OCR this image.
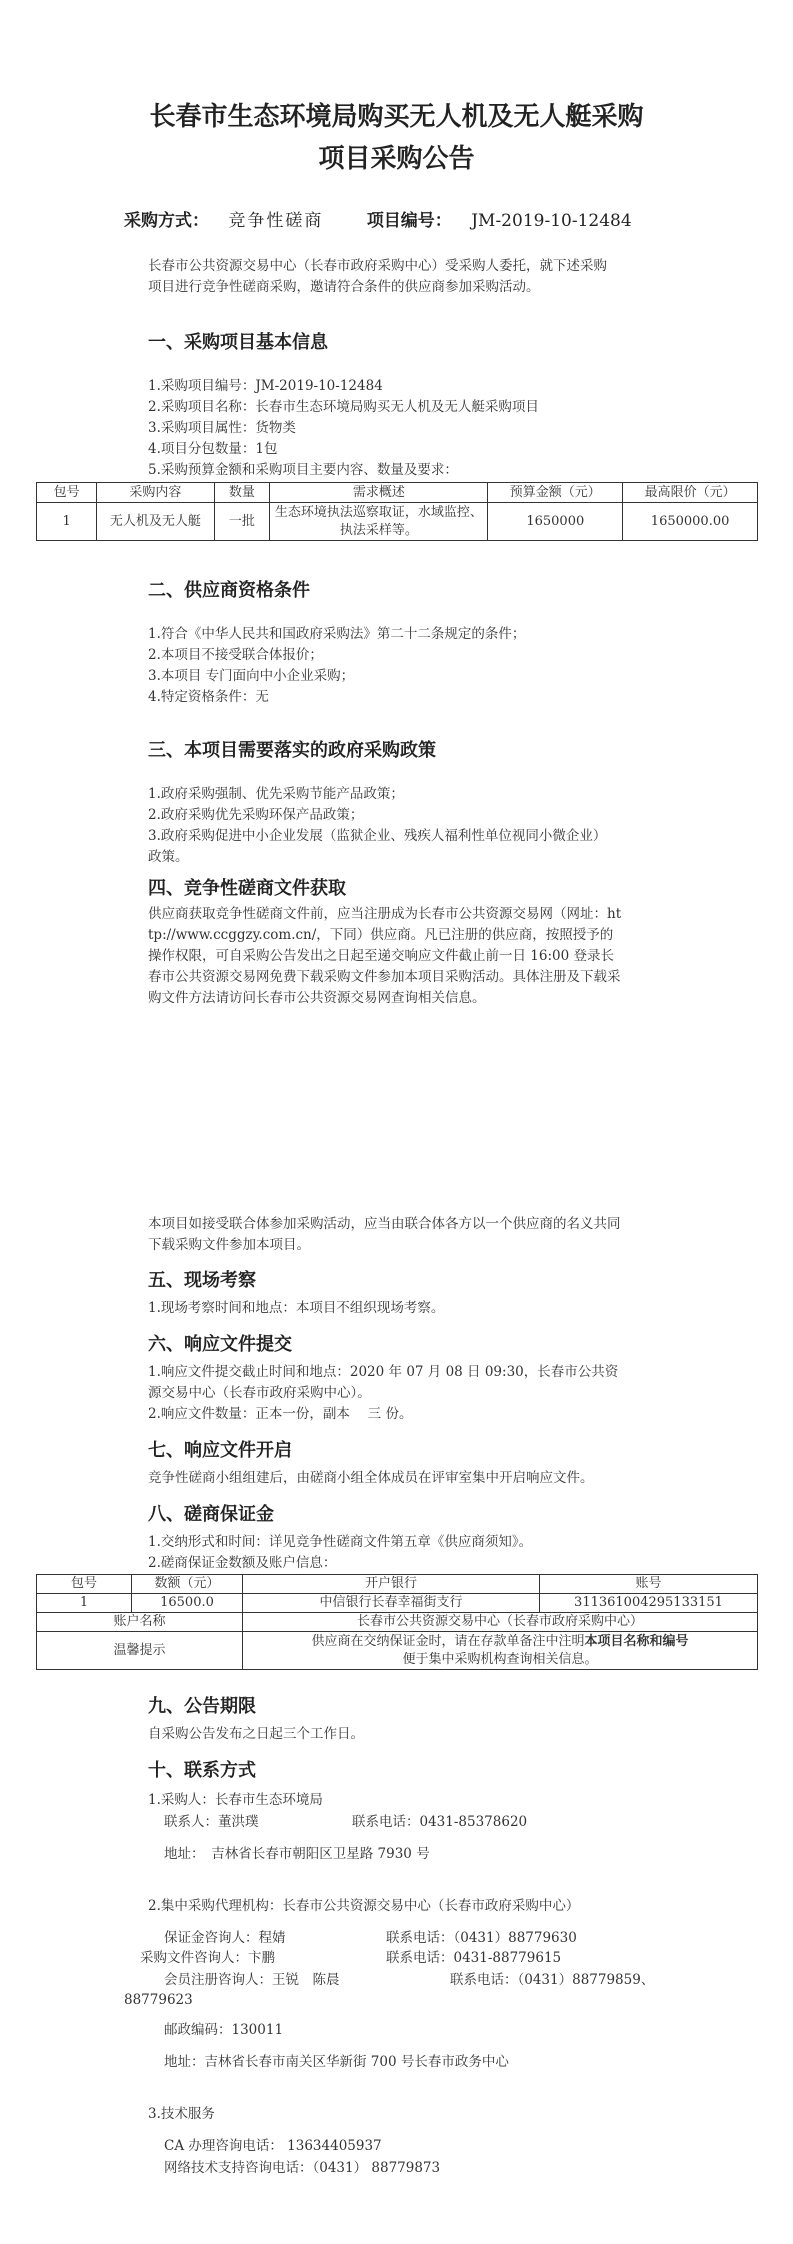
长春市生态环境局购买无人机及无人艇采购
项目采购公告
采购方式： 竞争性磋商	项目编号： JM-2019-10-12484
长春市公共资源交易中心（长春市政府采购中心）受采购人委托，就下述采购项目进行竞争性磋商采购，邀请符合条件的供应商参加采购活动。
一、采购项目基本信息
1.采购项目编号：JM-2019-10-12484
2.采购项目名称：长春市生态环境局购买无人机及无人艇采购项目
3.采购项目属性：货物类
4.项目分包数量：1包
5.采购预算金额和采购项目主要内容、数量及要求：
包号	采购内容	数量	需求概述	预算金额（元）	最高限价（元）
1	无人机及无人艇	一批	生态环境执法巡察取证，水域监控、执法采样等。	1650000	1650000.00
二、供应商资格条件
1.符合《中华人民共和国政府采购法》第二十二条规定的条件；
2.本项目不接受联合体报价；
3.本项目 专门面向中小企业采购；
4.特定资格条件：无
三、本项目需要落实的政府采购政策
1.政府采购强制、优先采购节能产品政策；
2.政府采购优先采购环保产品政策；
3.政府采购促进中小企业发展（监狱企业、残疾人福利性单位视同小微企业）政策。
四、竞争性磋商文件获取
供应商获取竞争性磋商文件前，应当注册成为长春市公共资源交易网（网址：http://www.ccggzy.com.cn/，下同）供应商。凡已注册的供应商，按照授予的操作权限，可自采购公告发出之日起至递交响应文件截止前一日 16:00 登录长春市公共资源交易网免费下载采购文件参加本项目采购活动。具体注册及下载采购文件方法请访问长春市公共资源交易网查询相关信息。
本项目如接受联合体参加采购活动，应当由联合体各方以一个供应商的名义共同下载采购文件参加本项目。
五、现场考察
1.现场考察时间和地点：本项目不组织现场考察。
六、响应文件提交
1.响应文件提交截止时间和地点：2020 年 07 月 08 日 09:30，长春市公共资源交易中心（长春市政府采购中心）。
2.响应文件数量：正本一份，副本　 三 份。
七、响应文件开启
竞争性磋商小组组建后，由磋商小组全体成员在评审室集中开启响应文件。
八、磋商保证金
1.交纳形式和时间：详见竞争性磋商文件第五章《供应商须知》。
2.磋商保证金数额及账户信息：
包号	数额（元）	开户银行	账号
1	16500.0	中信银行长春幸福街支行	311361004295133151
账户名称		长春市公共资源交易中心（长春市政府采购中心）	
温馨提示		供应商在交纳保证金时，请在存款单备注中注明本项目名称和编号
便于集中采购机构查询相关信息。	
九、公告期限
自采购公告发布之日起三个工作日。
十、联系方式
1.采购人：长春市生态环境局
联系人：董洪璞	联系电话：0431-85378620
地址：　吉林省长春市朝阳区卫星路 7930 号
2.集中采购代理机构：长春市公共资源交易中心（长春市政府采购中心）
保证金咨询人：程婧	联系电话：（0431）88779630
采购文件咨询人：卞鹏	联系电话：0431-88779615
会员注册咨询人：王锐　陈晨	联系电话：（0431）88779859、
88779623
邮政编码：130011
地址：吉林省长春市南关区华新街 700 号长春市政务中心
3.技术服务
CA 办理咨询电话： 13634405937
网络技术支持咨询电话：（0431） 88779873
